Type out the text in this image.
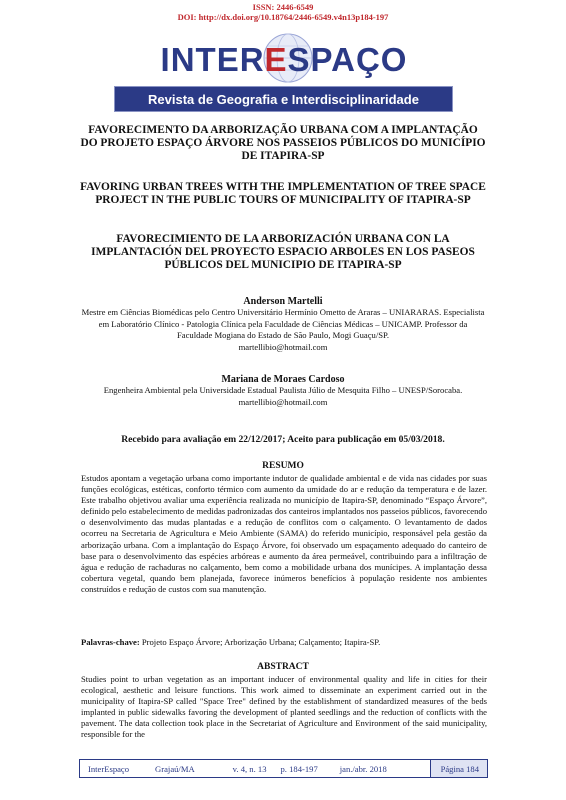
ISSN: 2446-6549
DOI: http://dx.doi.org/10.18764/2446-6549.v4n13p184-197
INTERESPAÇO
Revista de Geografia e Interdisciplinaridade
FAVORECIMENTO DA ARBORIZAÇÃO URBANA COM A IMPLANTAÇÃO DO PROJETO ESPAÇO ÁRVORE NOS PASSEIOS PÚBLICOS DO MUNICÍPIO DE ITAPIRA-SP
FAVORING URBAN TREES WITH THE IMPLEMENTATION OF TREE SPACE PROJECT IN THE PUBLIC TOURS OF MUNICIPALITY OF ITAPIRA-SP
FAVORECIMIENTO DE LA ARBORIZACIÓN URBANA CON LA IMPLANTACIÓN DEL PROYECTO ESPACIO ARBOLES EN LOS PASEOS PÚBLICOS DEL MUNICIPIO DE ITAPIRA-SP
Anderson Martelli
Mestre em Ciências Biomédicas pelo Centro Universitário Hermínio Ometto de Araras – UNIARARAS. Especialista em Laboratório Clínico - Patologia Clínica pela Faculdade de Ciências Médicas – UNICAMP. Professor da Faculdade Mogiana do Estado de São Paulo, Mogi Guaçu/SP.
martellibio@hotmail.com
Mariana de Moraes Cardoso
Engenheira Ambiental pela Universidade Estadual Paulista Júlio de Mesquita Filho – UNESP/Sorocaba.
martellibio@hotmail.com
Recebido para avaliação em 22/12/2017; Aceito para publicação em 05/03/2018.
RESUMO

Estudos apontam a vegetação urbana como importante indutor de qualidade ambiental e de vida nas cidades por suas funções ecológicas, estéticas, conforto térmico com aumento da umidade do ar e redução da temperatura e de lazer. Este trabalho objetivou avaliar uma experiência realizada no município de Itapira-SP, denominado “Espaço Árvore”, definido pelo estabelecimento de medidas padronizadas dos canteiros implantados nos passeios públicos, favorecendo o desenvolvimento das mudas plantadas e a redução de conflitos com o calçamento. O levantamento de dados ocorreu na Secretaria de Agricultura e Meio Ambiente (SAMA) do referido município, responsável pela gestão da arborização urbana. Com a implantação do Espaço Árvore, foi observado um espaçamento adequado do canteiro de base para o desenvolvimento das espécies arbóreas e aumento da área permeável, contribuindo para a infiltração de água e redução de rachaduras no calçamento, bem como a mobilidade urbana dos munícipes. A implantação dessa cobertura vegetal, quando bem planejada, favorece inúmeros benefícios à população residente nos ambientes construídos e redução de custos com sua manutenção.

Palavras-chave: Projeto Espaço Árvore; Arborização Urbana; Calçamento; Itapira-SP.
ABSTRACT

Studies point to urban vegetation as an important inducer of environmental quality and life in cities for their ecological, aesthetic and leisure functions. This work aimed to disseminate an experiment carried out in the municipality of Itapira-SP called "Space Tree" defined by the establishment of standardized measures of the beds implanted in public sidewalks favoring the development of planted seedlings and the reduction of conflicts with the pavement. The data collection took place in the Secretariat of Agriculture and Environment of the said municipality, responsible for the

InterEspaço	Grajaú/MA	v. 4, n. 13 p. 184-197	jan./abr. 2018	Página 184
